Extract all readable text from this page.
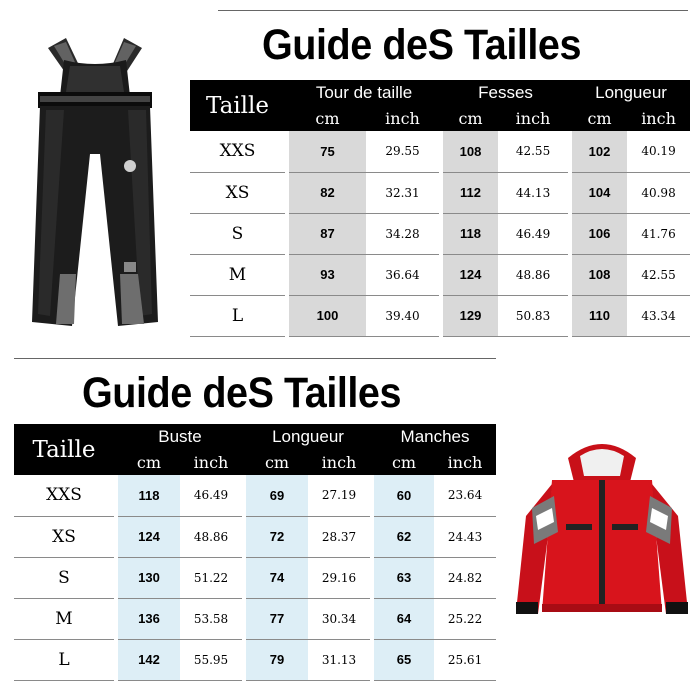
Guide deS Tailles
Taille		Tour de taille			Fesses			Longueur	
		cm	inch		cm	inch		cm	inch
XXS		75	29.55		108	42.55		102	40.19
XS		82	32.31		112	44.13		104	40.98
S		87	34.28		118	46.49		106	41.76
M		93	36.64		124	48.86		108	42.55
L		100	39.40		129	50.83		110	43.34
Guide deS Tailles
Taille		Buste			Longueur			Manches	
		cm	inch		cm	inch		cm	inch
XXS		118	46.49		69	27.19		60	23.64
XS		124	48.86		72	28.37		62	24.43
S		130	51.22		74	29.16		63	24.82
M		136	53.58		77	30.34		64	25.22
L		142	55.95		79	31.13		65	25.61
